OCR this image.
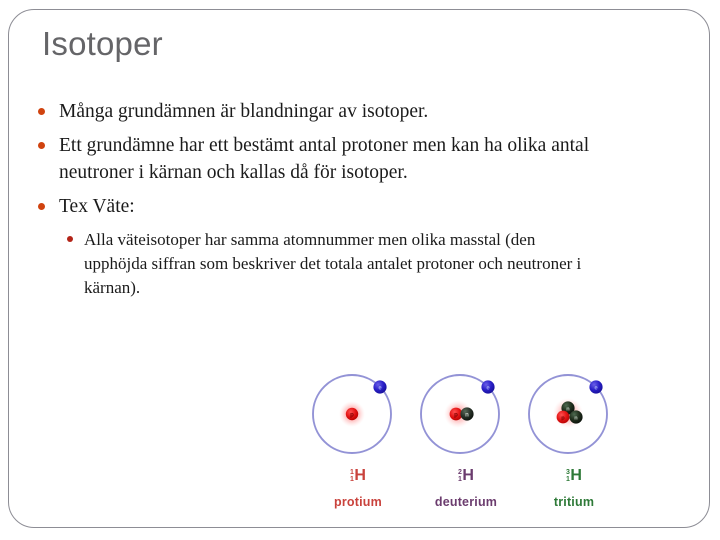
Isotoper
Många grundämnen är blandningar av isotoper.
Ett grundämne har ett bestämt antal protoner men kan ha olika antal neutroner i kärnan och kallas då för isotoper.
Tex Väte:
Alla väteisotoper har samma atomnummer men olika masstal (den upphöjda siffran som beskriver det totala antalet protoner och neutroner i kärnan).
p
e
1
1 H
protium
p n
e
2
1 H
deuterium
n
n
p
e
3
1 H
tritium
